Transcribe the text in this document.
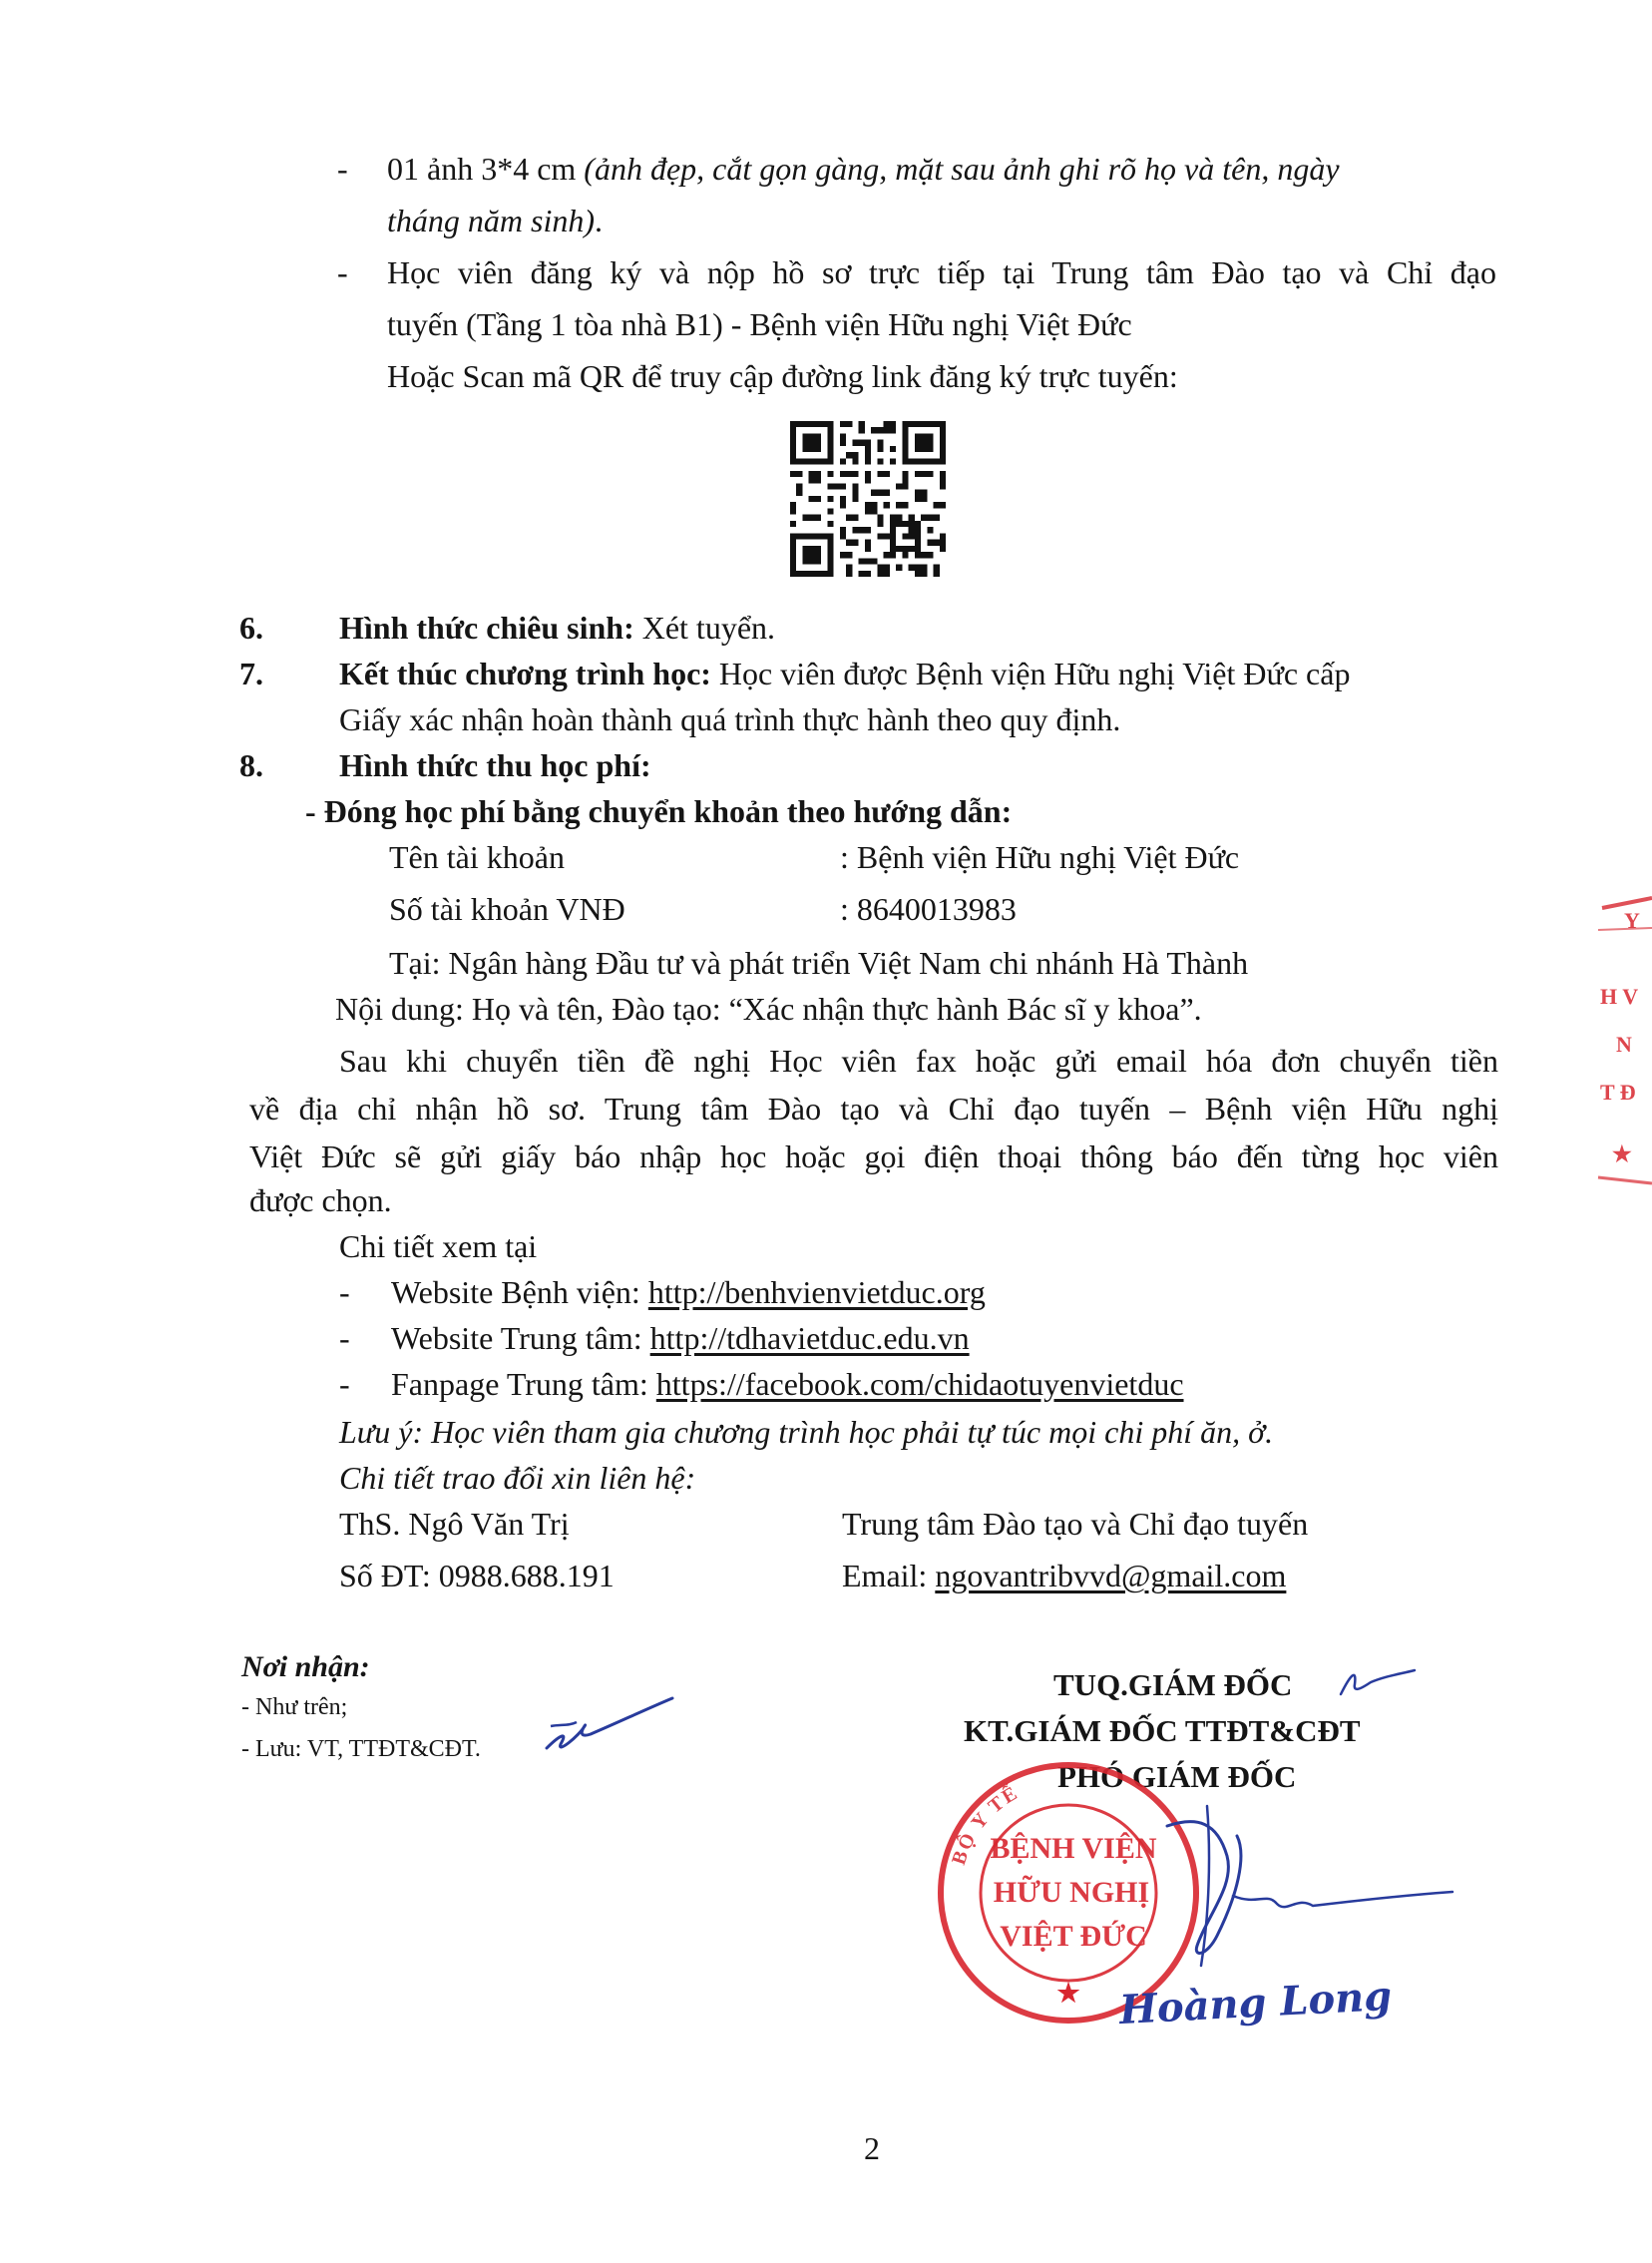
- 01 ảnh 3*4 cm (ảnh đẹp, cắt gọn gàng, mặt sau ảnh ghi rõ họ và tên, ngày
tháng năm sinh).
- Học viên đăng ký và nộp hồ sơ trực tiếp tại Trung tâm Đào tạo và Chỉ đạo
tuyến (Tầng 1 tòa nhà B1) - Bệnh viện Hữu nghị Việt Đức
Hoặc Scan mã QR để truy cập đường link đăng ký trực tuyến:
6. Hình thức chiêu sinh: Xét tuyển.
7. Kết thúc chương trình học: Học viên được Bệnh viện Hữu nghị Việt Đức cấp
Giấy xác nhận hoàn thành quá trình thực hành theo quy định.
8. Hình thức thu học phí:
- Đóng học phí bằng chuyển khoản theo hướng dẫn:
Tên tài khoản	: Bệnh viện Hữu nghị Việt Đức
Số tài khoản VNĐ	: 8640013983
Tại: Ngân hàng Đầu tư và phát triển Việt Nam chi nhánh Hà Thành
Nội dung: Họ và tên, Đào tạo: “Xác nhận thực hành Bác sĩ y khoa”.
Sau khi chuyển tiền đề nghị Học viên fax hoặc gửi email hóa đơn chuyển tiền
về địa chỉ nhận hồ sơ. Trung tâm Đào tạo và Chỉ đạo tuyến – Bệnh viện Hữu nghị
Việt Đức sẽ gửi giấy báo nhập học hoặc gọi điện thoại thông báo đến từng học viên
được chọn.
Chi tiết xem tại
- Website Bệnh viện: http://benhvienvietduc.org
- Website Trung tâm: http://tdhavietduc.edu.vn
- Fanpage Trung tâm: https://facebook.com/chidaotuyenvietduc
Lưu ý: Học viên tham gia chương trình học phải tự túc mọi chi phí ăn, ở.
Chi tiết trao đổi xin liên hệ:
ThS. Ngô Văn Trị	Trung tâm Đào tạo và Chỉ đạo tuyến
Số ĐT: 0988.688.191	Email: ngovantribvvd@gmail.com
Nơi nhận:
- Như trên;
- Lưu: VT, TTĐT&CĐT.
TUQ.GIÁM ĐỐC
KT.GIÁM ĐỐC TTĐT&CĐT
PHÓ GIÁM ĐỐC
BỘ Y TẾ
BỆNH VIỆN
HỮU NGHỊ
VIỆT ĐỨC
★ Hoàng Long
Y
H V
N
T Đ
★
2
